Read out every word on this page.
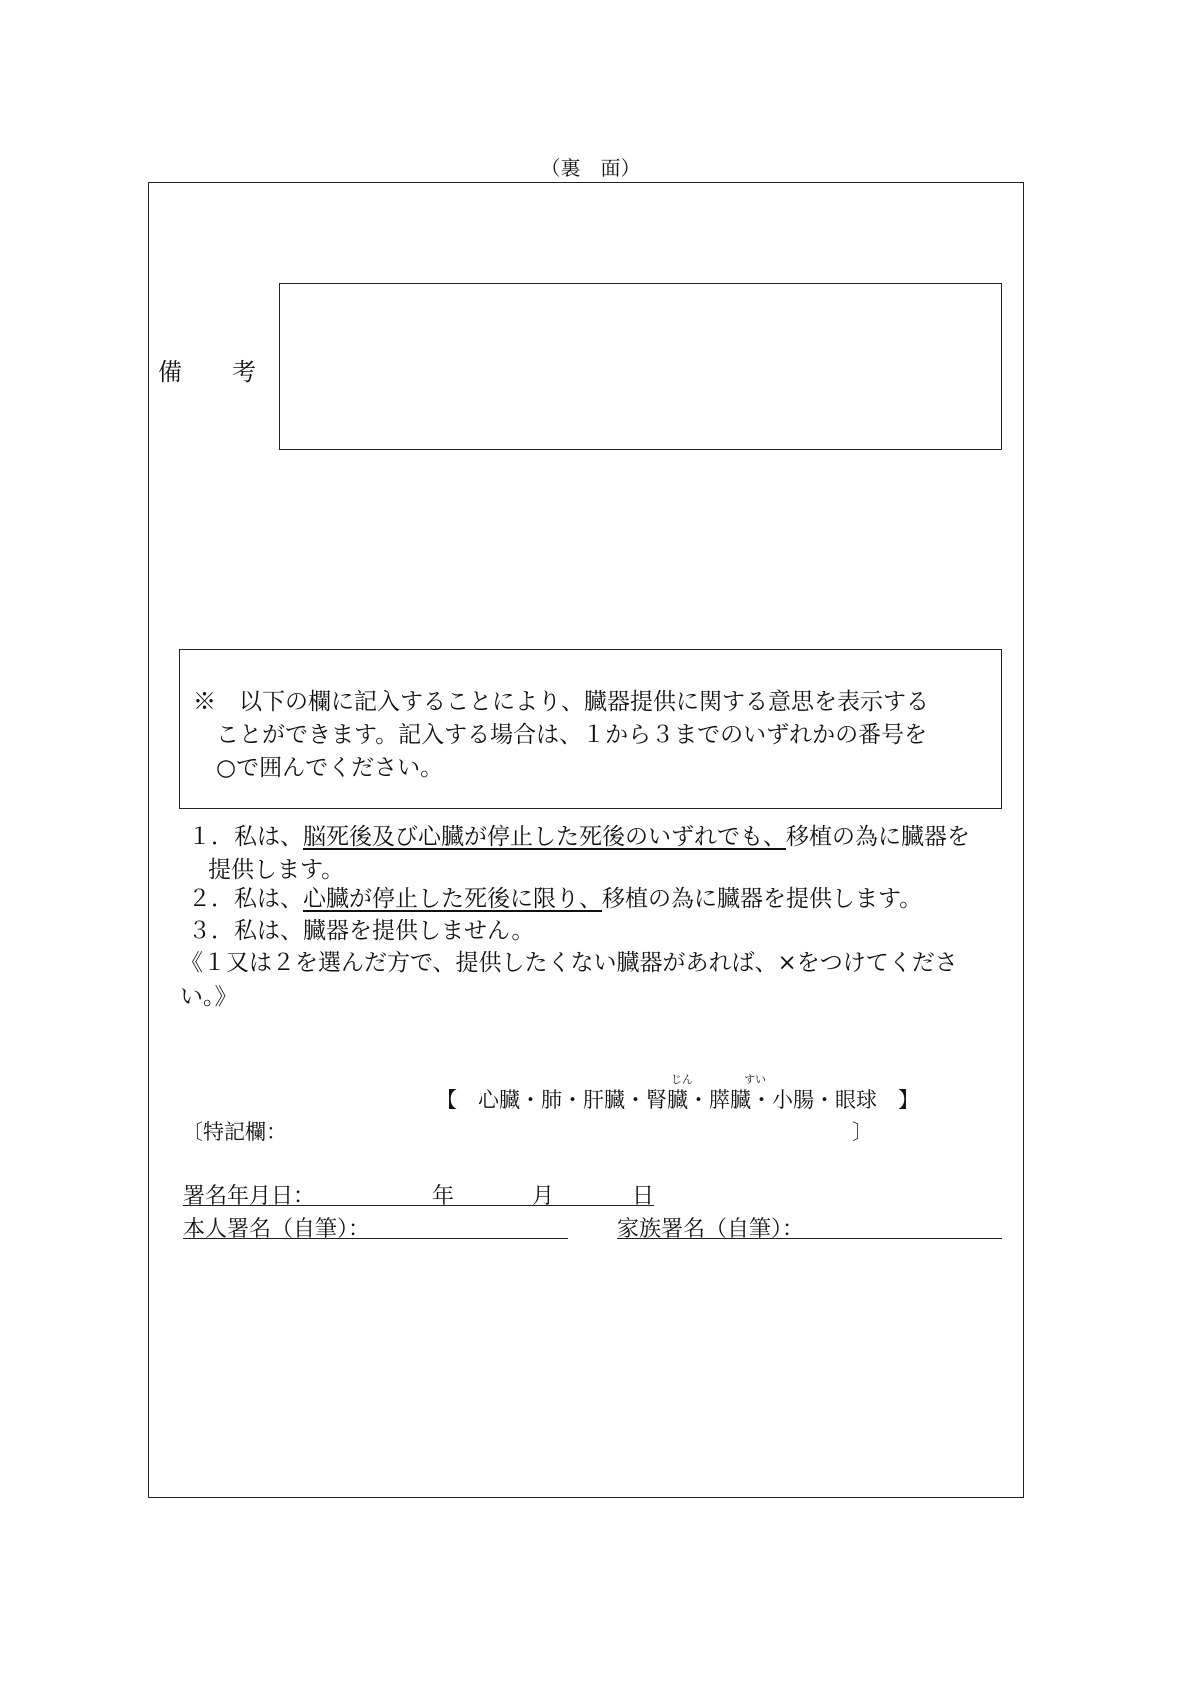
（裏　面）
備 考
※　以下の欄に記入することにより、臓器提供に関する意思を表示する
ことができます。記入する場合は、１から３までのいずれかの番号を
○で囲んでください。
１．私は、脳死後及び心臓が停止した死後のいずれでも、移植の為に臓器を
提供します。
２．私は、心臓が停止した死後に限り、移植の為に臓器を提供します。
３．私は、臓器を提供しません。
《１又は２を選んだ方で、提供したくない臓器があれば、×をつけてくださ
い。》
じん	すい
【　心臓・肺・肝臓・腎臓・膵臓・小腸・眼球　】
〔特記欄：	〕
署名年月日：	年	月	日
本人署名（自筆）：	家族署名（自筆）：
